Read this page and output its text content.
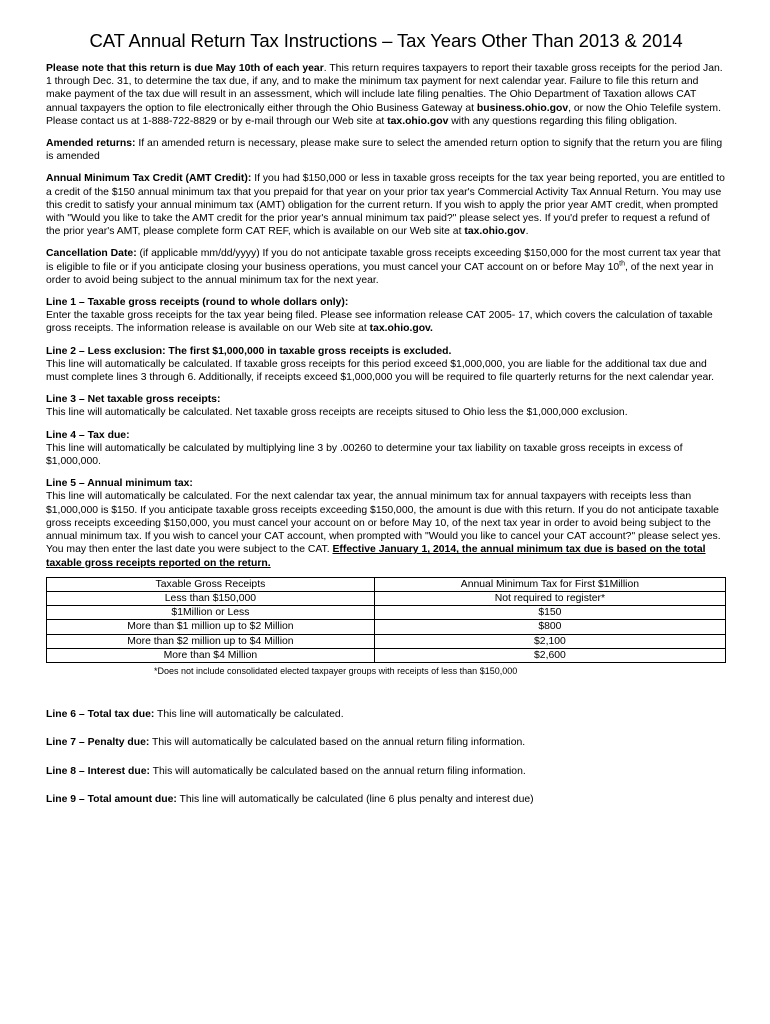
CAT Annual Return Tax Instructions – Tax Years Other Than 2013 & 2014

Please note that this return is due May 10th of each year. This return requires taxpayers to report their taxable gross receipts for the period Jan. 1 through Dec. 31, to determine the tax due, if any, and to make the minimum tax payment for next calendar year. Failure to file this return and make payment of the tax due will result in an assessment, which will include late filing penalties. The Ohio Department of Taxation allows CAT annual taxpayers the option to file electronically either through the Ohio Business Gateway at business.ohio.gov, or now the Ohio Telefile system. Please contact us at 1-888-722-8829 or by e-mail through our Web site at tax.ohio.gov with any questions regarding this filing obligation.

Amended returns: If an amended return is necessary, please make sure to select the amended return option to signify that the return you are filing is amended

Annual Minimum Tax Credit (AMT Credit): If you had $150,000 or less in taxable gross receipts for the tax year being reported, you are entitled to a credit of the $150 annual minimum tax that you prepaid for that year on your prior tax year's Commercial Activity Tax Annual Return. You may use this credit to satisfy your annual minimum tax (AMT) obligation for the current return. If you wish to apply the prior year AMT credit, when prompted with "Would you like to take the AMT credit for the prior year's annual minimum tax paid?" please select yes. If you'd prefer to request a refund of the prior year's AMT, please complete form CAT REF, which is available on our Web site at tax.ohio.gov.

Cancellation Date: (if applicable mm/dd/yyyy) If you do not anticipate taxable gross receipts exceeding $150,000 for the most current tax year that is eligible to file or if you anticipate closing your business operations, you must cancel your CAT account on or before May 10th, of the next year in order to avoid being subject to the annual minimum tax for the next year.

Line 1 – Taxable gross receipts (round to whole dollars only):
Enter the taxable gross receipts for the tax year being filed. Please see information release CAT 2005- 17, which covers the calculation of taxable gross receipts. The information release is available on our Web site at tax.ohio.gov.

Line 2 – Less exclusion: The first $1,000,000 in taxable gross receipts is excluded.
This line will automatically be calculated. If taxable gross receipts for this period exceed $1,000,000, you are liable for the additional tax due and must complete lines 3 through 6. Additionally, if receipts exceed $1,000,000 you will be required to file quarterly returns for the next calendar year.

Line 3 – Net taxable gross receipts:
This line will automatically be calculated. Net taxable gross receipts are receipts sitused to Ohio less the $1,000,000 exclusion.

Line 4 – Tax due:
This line will automatically be calculated by multiplying line 3 by .00260 to determine your tax liability on taxable gross receipts in excess of $1,000,000.

Line 5 – Annual minimum tax:
This line will automatically be calculated. For the next calendar tax year, the annual minimum tax for annual taxpayers with receipts less than $1,000,000 is $150. If you anticipate taxable gross receipts exceeding $150,000, the amount is due with this return. If you do not anticipate taxable gross receipts exceeding $150,000, you must cancel your account on or before May 10, of the next tax year in order to avoid being subject to the annual minimum tax. If you wish to cancel your CAT account, when prompted with "Would you like to cancel your CAT account?" please select yes. You may then enter the last date you were subject to the CAT. Effective January 1, 2014, the annual minimum tax due is based on the total taxable gross receipts reported on the return.

Taxable Gross Receipts	Annual Minimum Tax for First $1Million
Less than $150,000	Not required to register*
$1Million or Less	$150
More than $1 million up to $2 Million	$800
More than $2 million up to $4 Million	$2,100
More than $4 Million	$2,600

*Does not include consolidated elected taxpayer groups with receipts of less than $150,000

Line 6 – Total tax due: This line will automatically be calculated.

Line 7 – Penalty due: This will automatically be calculated based on the annual return filing information.

Line 8 – Interest due: This will automatically be calculated based on the annual return filing information.

Line 9 – Total amount due: This line will automatically be calculated (line 6 plus penalty and interest due)
